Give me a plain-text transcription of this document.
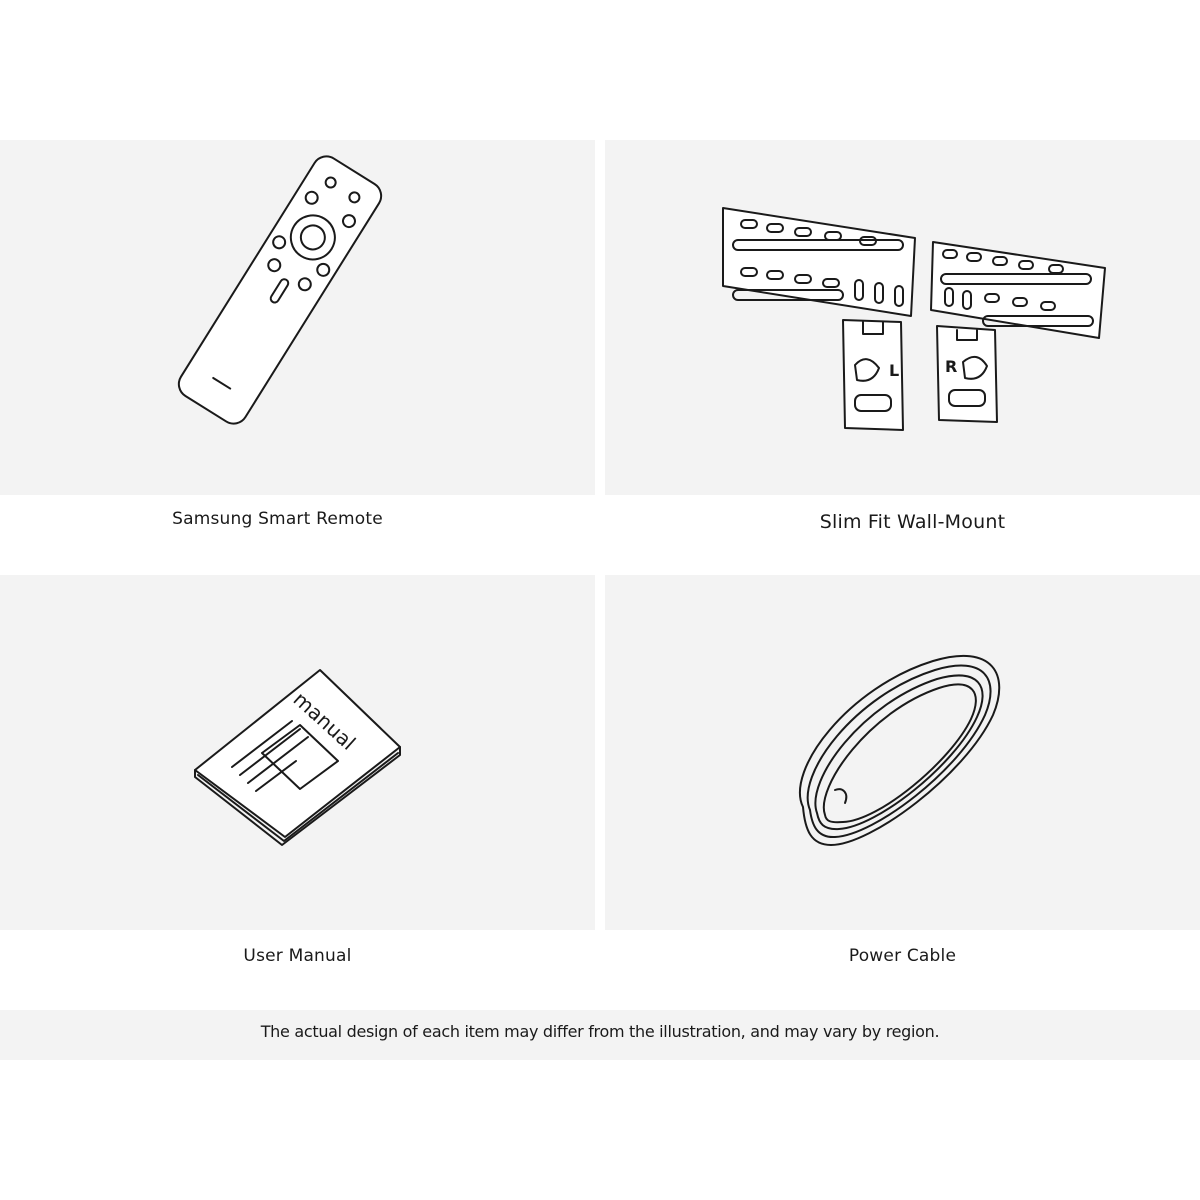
Samsung Smart Remote
L	R
Slim Fit Wall-Mount
manual
User Manual	Power Cable
The actual design of each item may differ from the illustration, and may vary by region.
